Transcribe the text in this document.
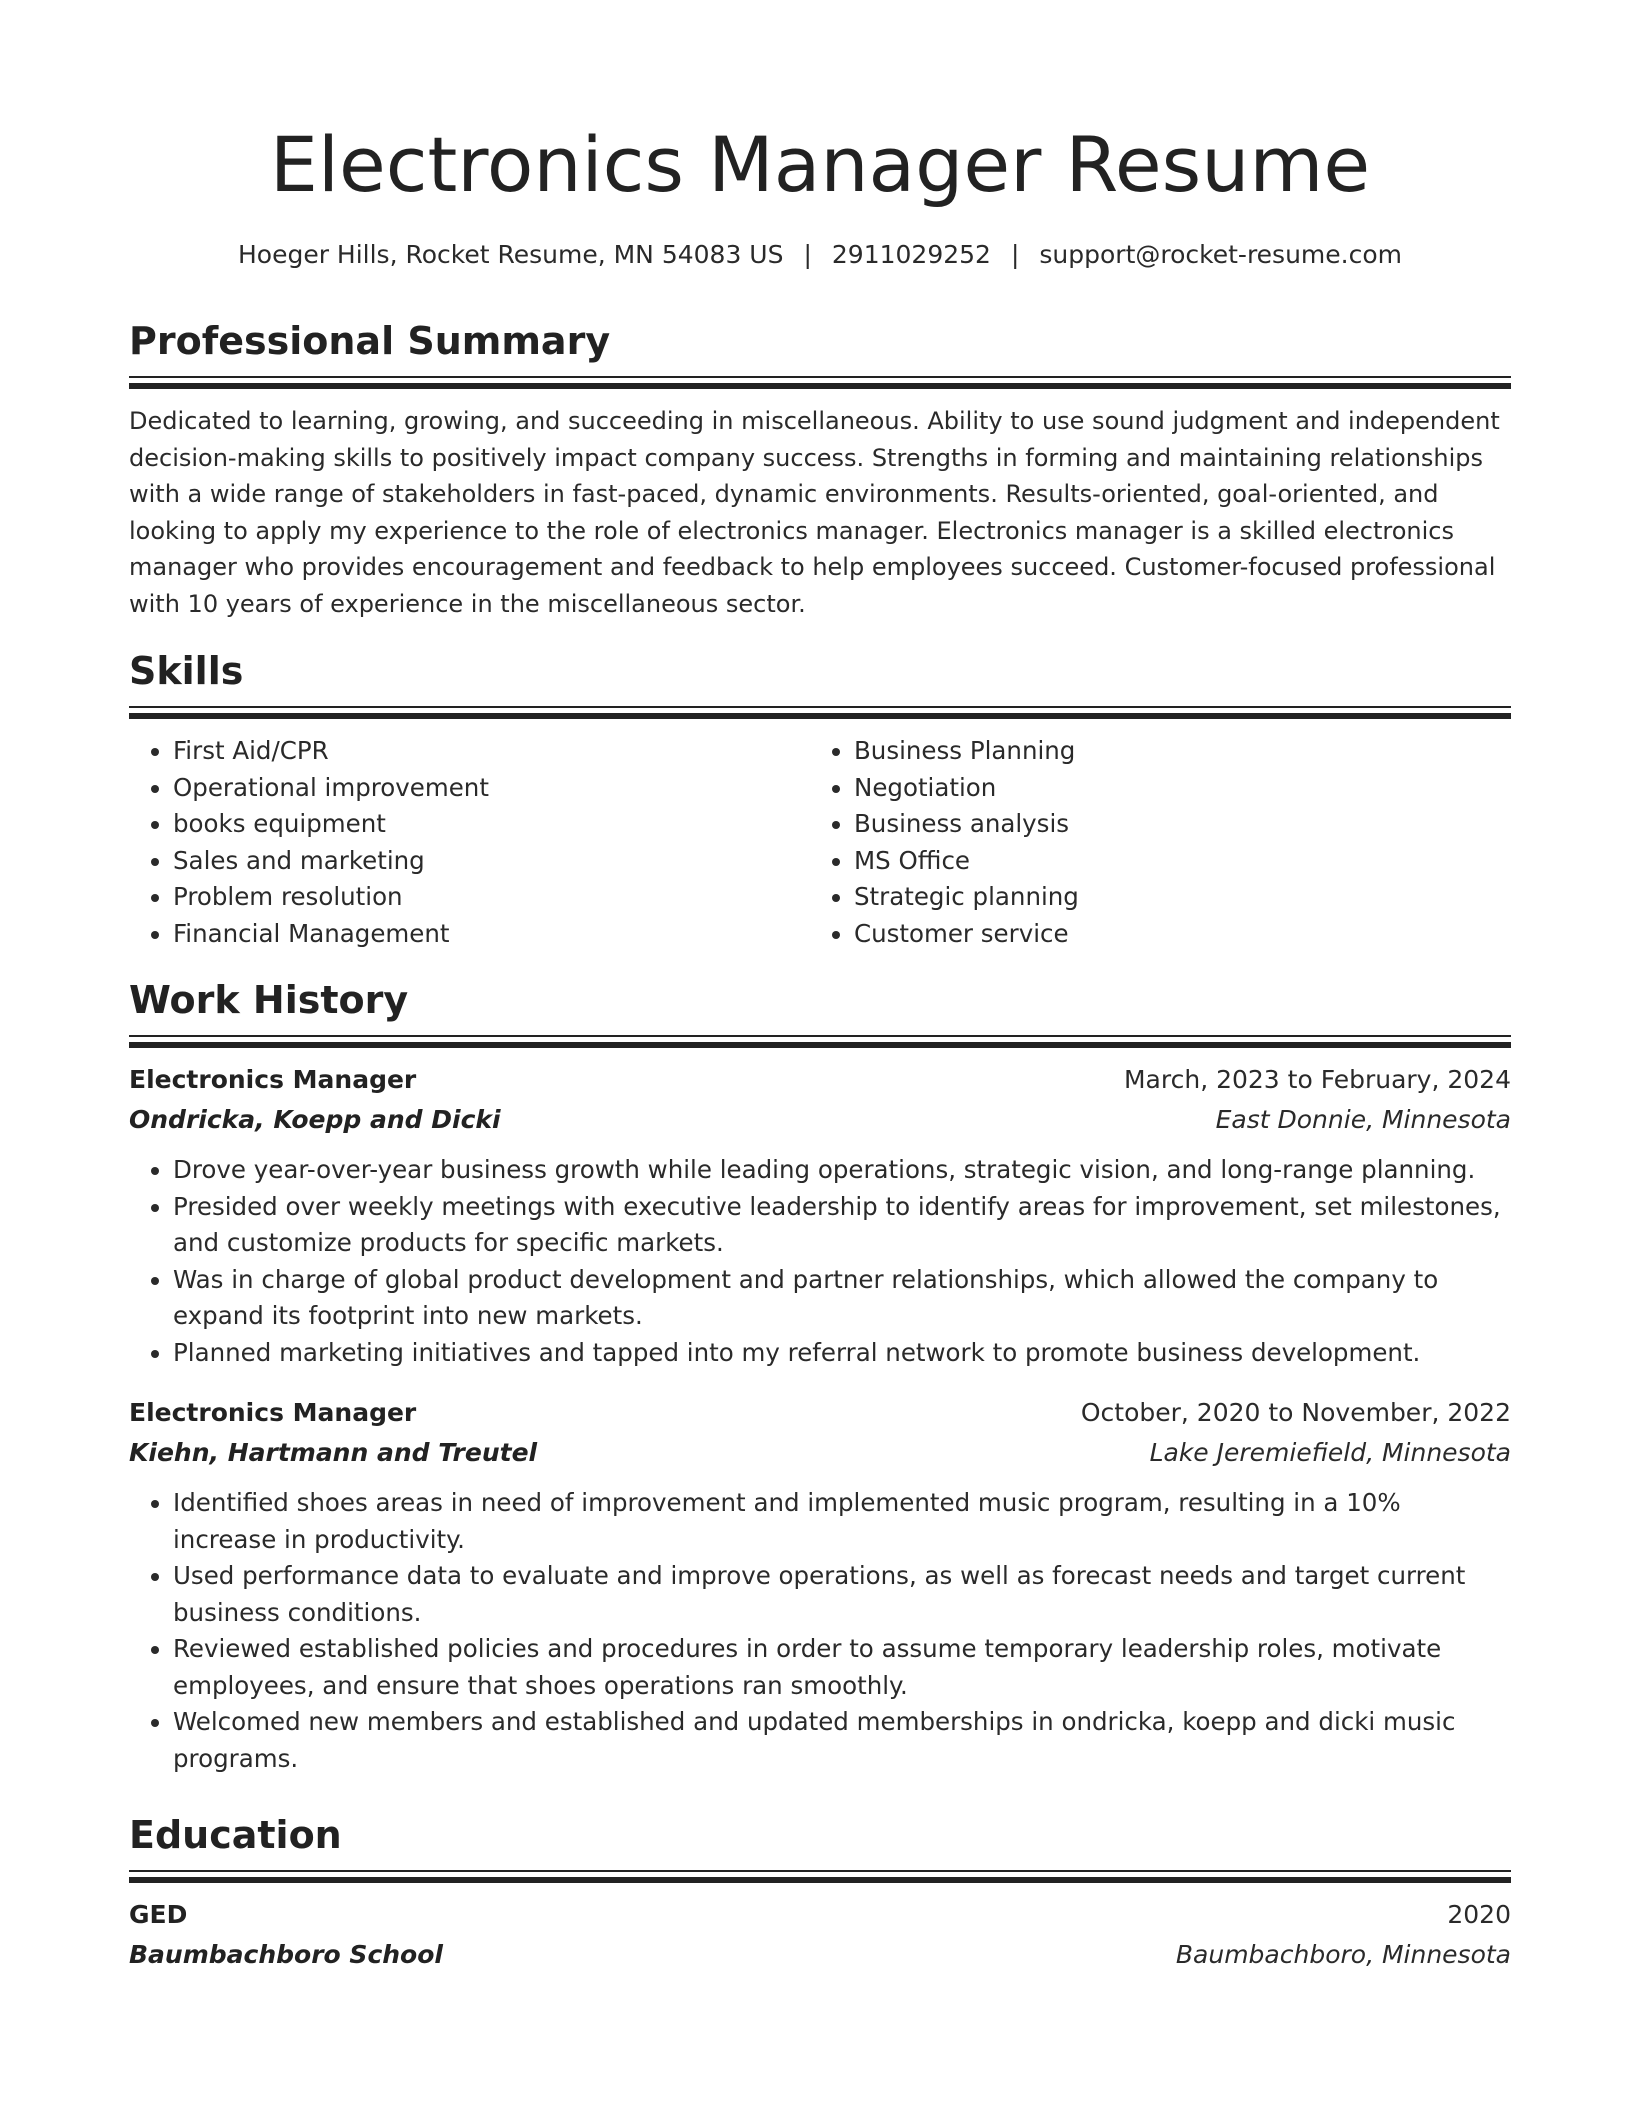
Electronics Manager Resume
Hoeger Hills, Rocket Resume, MN 54083 US | 2911029252 | support@rocket-resume.com
Professional Summary

Dedicated to learning, growing, and succeeding in miscellaneous. Ability to use sound judgment and independent decision-making skills to positively impact company success. Strengths in forming and maintaining relationships with a wide range of stakeholders in fast-paced, dynamic environments. Results-oriented, goal-oriented, and looking to apply my experience to the role of electronics manager. Electronics manager is a skilled electronics manager who provides encouragement and feedback to help employees succeed. Customer-focused professional with 10 years of experience in the miscellaneous sector.

Skills
• First Aid/CPR
• Operational improvement
• books equipment
• Sales and marketing
• Problem resolution
• Financial Management
• Business Planning
• Negotiation
• Business analysis
• MS Office
• Strategic planning
• Customer service
Work History
Electronics Manager	March, 2023 to February, 2024
Ondricka, Koepp and Dicki	East Donnie, Minnesota
• Drove year-over-year business growth while leading operations, strategic vision, and long-range planning.
• Presided over weekly meetings with executive leadership to identify areas for improvement, set milestones, and customize products for specific markets.
• Was in charge of global product development and partner relationships, which allowed the company to expand its footprint into new markets.
• Planned marketing initiatives and tapped into my referral network to promote business development.
Electronics Manager	October, 2020 to November, 2022
Kiehn, Hartmann and Treutel	Lake Jeremiefield, Minnesota
• Identified shoes areas in need of improvement and implemented music program, resulting in a 10% increase in productivity.
• Used performance data to evaluate and improve operations, as well as forecast needs and target current business conditions.
• Reviewed established policies and procedures in order to assume temporary leadership roles, motivate employees, and ensure that shoes operations ran smoothly.
• Welcomed new members and established and updated memberships in ondricka, koepp and dicki music programs.
Education
GED	2020
Baumbachboro School	Baumbachboro, Minnesota
